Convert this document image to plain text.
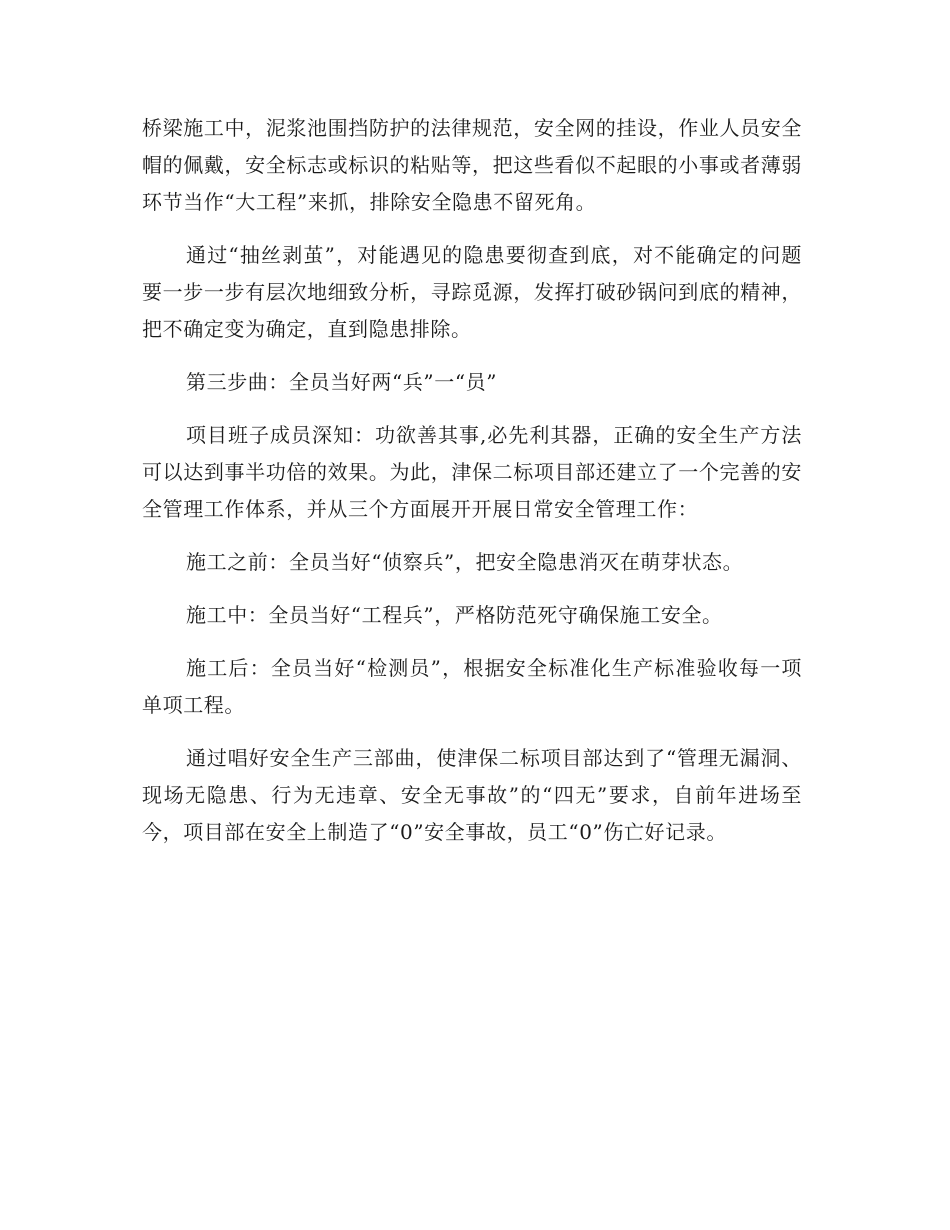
桥梁施工中，泥浆池围挡防护的法律规范，安全网的挂设，作业人员安全帽的佩戴，安全标志或标识的粘贴等，把这些看似不起眼的小事或者薄弱环节当作“大工程”来抓，排除安全隐患不留死角。

通过“抽丝剥茧”，对能遇见的隐患要彻查到底，对不能确定的问题要一步一步有层次地细致分析，寻踪觅源，发挥打破砂锅问到底的精神，把不确定变为确定，直到隐患排除。

第三步曲：全员当好两“兵”一“员”

项目班子成员深知：功欲善其事,必先利其器，正确的安全生产方法可以达到事半功倍的效果。为此，津保二标项目部还建立了一个完善的安全管理工作体系，并从三个方面展开开展日常安全管理工作：

施工之前：全员当好“侦察兵”，把安全隐患消灭在萌芽状态。

施工中：全员当好“工程兵”，严格防范死守确保施工安全。

施工后：全员当好“检测员”，根据安全标准化生产标准验收每一项单项工程。

通过唱好安全生产三部曲，使津保二标项目部达到了“管理无漏洞、现场无隐患、行为无违章、安全无事故”的“四无”要求，自前年进场至今，项目部在安全上制造了“0”安全事故，员工“0”伤亡好记录。
